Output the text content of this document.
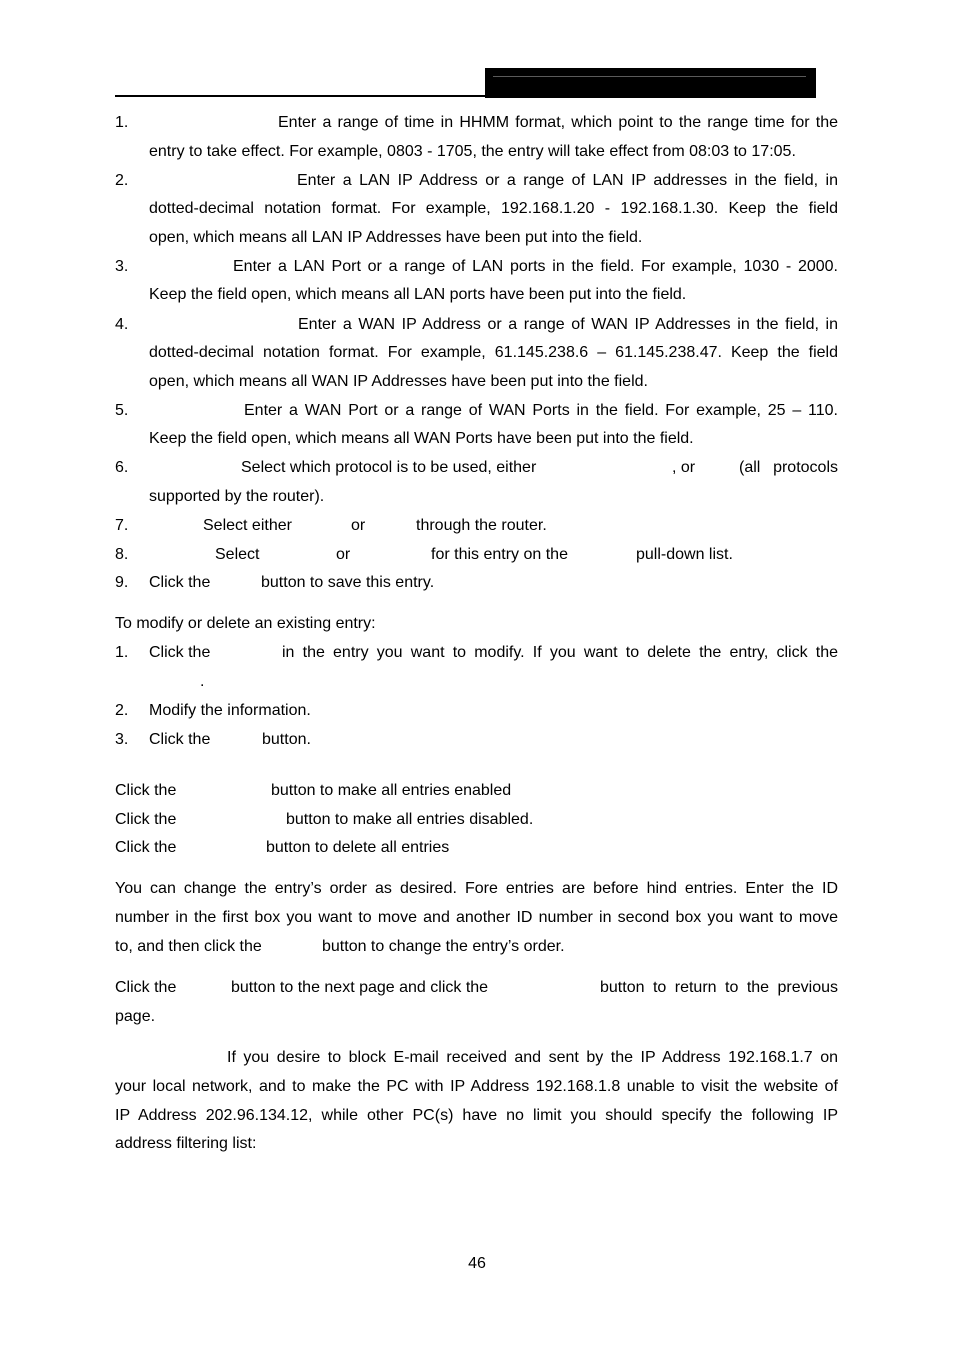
1.	Enter a range of time in HHMM format, which point to the range time for the
entry to take effect. For example, 0803 - 1705, the entry will take effect from 08:03 to 17:05.
2.	Enter a LAN IP Address or a range of LAN IP addresses in the field, in
dotted-decimal notation format. For example, 192.168.1.20 - 192.168.1.30. Keep the field
open, which means all LAN IP Addresses have been put into the field.
3.	Enter a LAN Port or a range of LAN ports in the field. For example, 1030 - 2000.
Keep the field open, which means all LAN ports have been put into the field.
4.	Enter a WAN IP Address or a range of WAN IP Addresses in the field, in
dotted-decimal notation format. For example, 61.145.238.6 – 61.145.238.47. Keep the field
open, which means all WAN IP Addresses have been put into the field.
5.	Enter a WAN Port or a range of WAN Ports in the field. For example, 25 – 110.
Keep the field open, which means all WAN Ports have been put into the field.
6.	Select which protocol is to be used, either	, or	(all protocols
supported by the router).
7.	Select either	or	through the router.
8.	Select	or	for this entry on the	pull-down list.
9. Click the	button to save this entry.
To modify or delete an existing entry:
1. Click the	in the entry you want to modify. If you want to delete the entry, click the
.
2. Modify the information.
3. Click the	button.
Click the	button to make all entries enabled
Click the	button to make all entries disabled.
Click the	button to delete all entries
You can change the entry’s order as desired. Fore entries are before hind entries. Enter the ID
number in the first box you want to move and another ID number in second box you want to move
to, and then click the	button to change the entry’s order.
Click the	button to the next page and click the	button to return to the previous
page.
If you desire to block E-mail received and sent by the IP Address 192.168.1.7 on
your local network, and to make the PC with IP Address 192.168.1.8 unable to visit the website of
IP Address 202.96.134.12, while other PC(s) have no limit you should specify the following IP
address filtering list:
46
